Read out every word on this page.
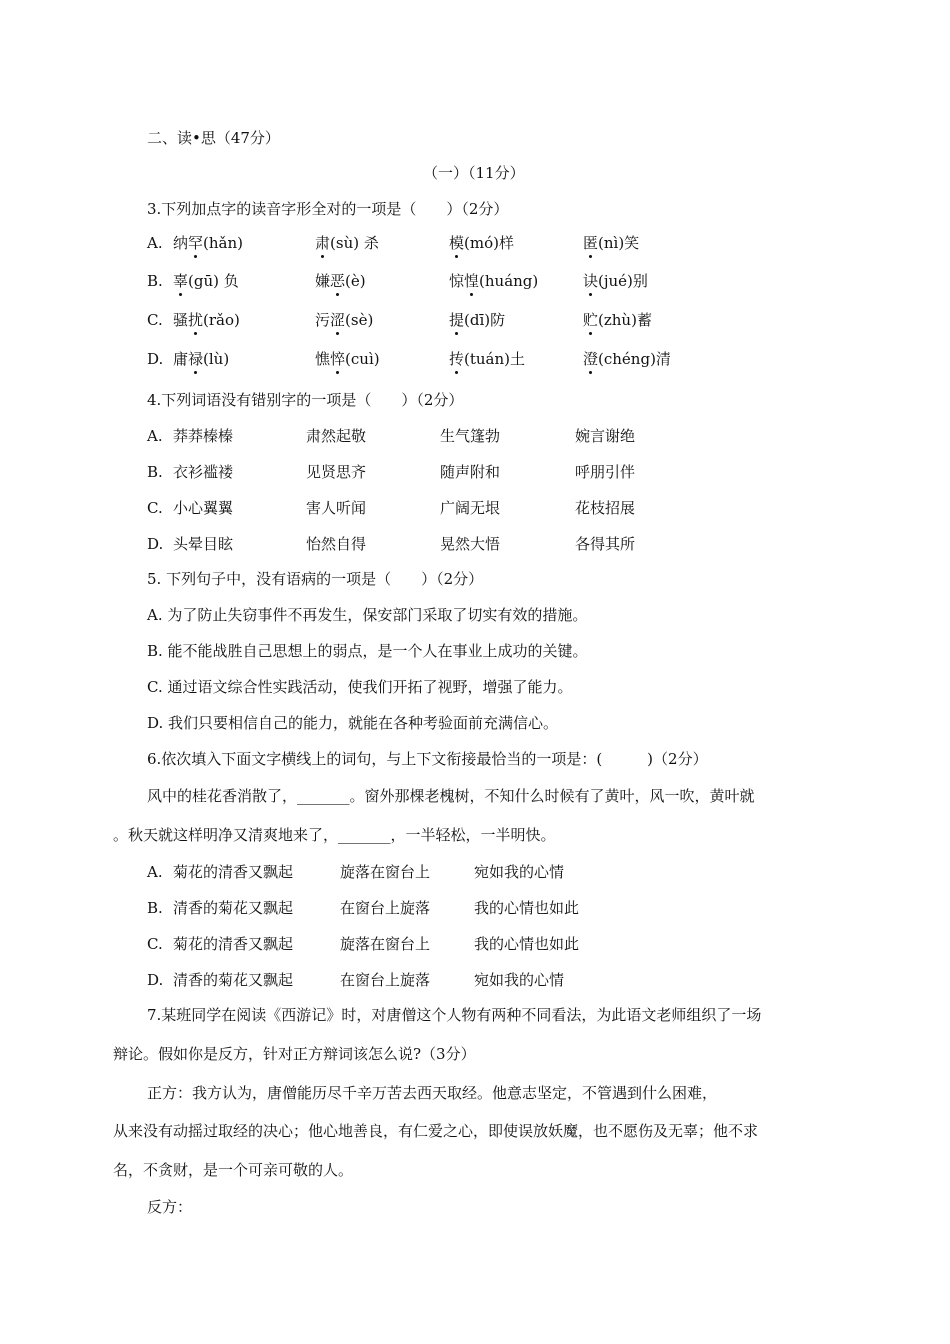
二、读•思（47分）
（一）（11分）
3.下列加点字的读音字形全对的一项是（　　）（2分）
A. 纳罕(hǎn)	肃(sù) 杀	模(mó)样	匿(nì)笑
B. 辜(gū) 负	嫌恶(è)	惊惶(huáng)	诀(jué)别
C. 骚扰(rǎo)	污涩(sè)	提(dī)防	贮(zhù)蓄
D. 庸禄(lù)	憔悴(cuì)	抟(tuán)土	澄(chéng)清
4.下列词语没有错别字的一项是（　　）（2分）
A. 莽莽榛榛	肃然起敬	生气篷勃	婉言谢绝
B. 衣衫褴褛	见贤思齐	随声附和	呼朋引伴
C. 小心翼翼	害人听闻	广阔无垠	花枝招展
D. 头晕目眩	怡然自得	晃然大悟	各得其所
5. 下列句子中，没有语病的一项是（　　）（2分）
A. 为了防止失窃事件不再发生，保安部门采取了切实有效的措施。
B. 能不能战胜自己思想上的弱点，是一个人在事业上成功的关键。
C. 通过语文综合性实践活动，使我们开拓了视野，增强了能力。
D. 我们只要相信自己的能力，就能在各种考验面前充满信心。
6.依次填入下面文字横线上的词句，与上下文衔接最恰当的一项是：(　　　)（2分）
风中的桂花香消散了，_______。窗外那棵老槐树，不知什么时候有了黄叶，风一吹，黄叶就
。秋天就这样明净又清爽地来了，_______，一半轻松，一半明快。
A. 菊花的清香又飘起	旋落在窗台上	宛如我的心情
B. 清香的菊花又飘起	在窗台上旋落	我的心情也如此
C. 菊花的清香又飘起	旋落在窗台上	我的心情也如此
D. 清香的菊花又飘起	在窗台上旋落	宛如我的心情
7.某班同学在阅读《西游记》时，对唐僧这个人物有两种不同看法，为此语文老师组织了一场
辩论。假如你是反方，针对正方辩词该怎么说?（3分）
正方：我方认为，唐僧能历尽千辛万苦去西天取经。他意志坚定，不管遇到什么困难，
从来没有动摇过取经的决心；他心地善良，有仁爱之心，即使误放妖魔，也不愿伤及无辜；他不求
名，不贪财，是一个可亲可敬的人。
反方：
